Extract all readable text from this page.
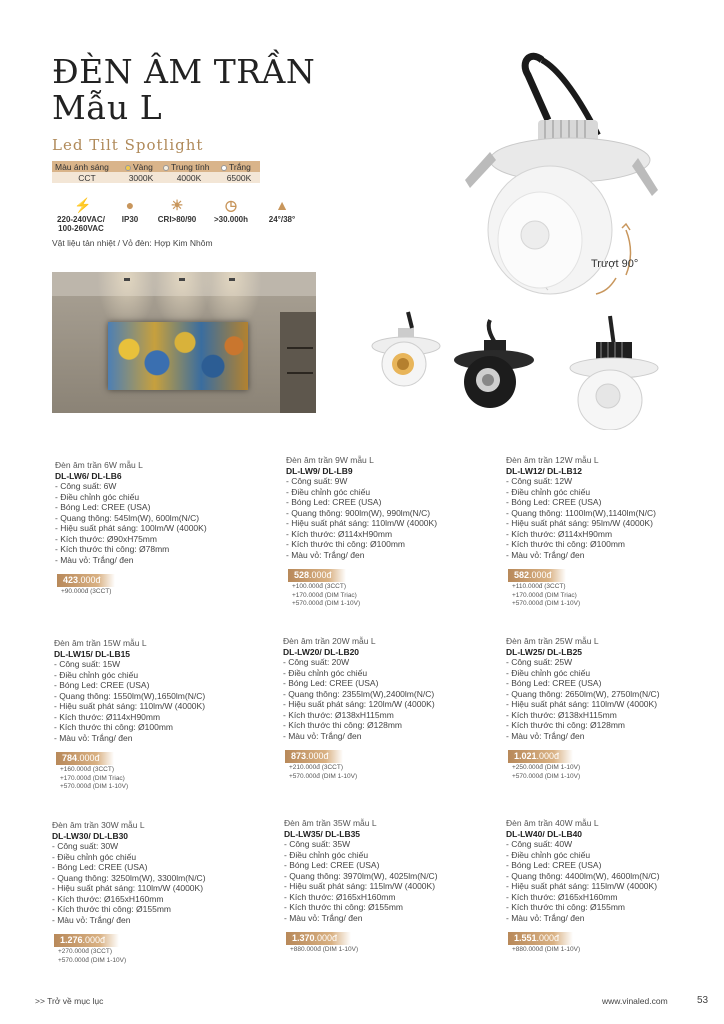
ĐÈN ÂM TRẦN
Mẫu L
Led Tilt Spotlight
Màu ánh sáng	Vàng	Trung tính	Trắng
CCT	3000K	4000K	6500K
⚡
220-240VAC/
100-260VAC
●
IP30
☀
CRI>80/90
◷
>30.000h
▲
24°/38°
Vật liệu tản nhiệt / Vỏ đèn: Hợp Kim Nhôm
Trượt 90°
Đèn âm trần 6W mẫu L
DL-LW6/ DL-LB6
- Công suất: 6W
- Điều chỉnh góc chiếu
- Bóng Led: CREE (USA)
- Quang thông: 545lm(W), 600lm(N/C)
- Hiệu suất phát sáng: 100lm/W (4000K)
- Kích thước: Ø90xH75mm
- Kích thước thi công: Ø78mm
- Màu vỏ: Trắng/ đen
423.000đ
+90.000đ (3CCT)
Đèn âm trần 9W mẫu L
DL-LW9/ DL-LB9
- Công suất: 9W
- Điều chỉnh góc chiếu
- Bóng Led: CREE (USA)
- Quang thông: 900lm(W), 990lm(N/C)
- Hiệu suất phát sáng: 110lm/W (4000K)
- Kích thước: Ø114xH90mm
- Kích thước thi công: Ø100mm
- Màu vỏ: Trắng/ đen
528.000đ
+100.000đ (3CCT)
+170.000đ (DIM Triac)
+570.000đ (DIM 1-10V)
Đèn âm trần 12W mẫu L
DL-LW12/ DL-LB12
- Công suất: 12W
- Điều chỉnh góc chiếu
- Bóng Led: CREE (USA)
- Quang thông: 1100lm(W),1140lm(N/C)
- Hiệu suất phát sáng: 95lm/W (4000K)
- Kích thước: Ø114xH90mm
- Kích thước thi công: Ø100mm
- Màu vỏ: Trắng/ đen
582.000đ
+110.000đ (3CCT)
+170.000đ (DIM Triac)
+570.000đ (DIM 1-10V)
Đèn âm trần 15W mẫu L
DL-LW15/ DL-LB15
- Công suất: 15W
- Điều chỉnh góc chiếu
- Bóng Led: CREE (USA)
- Quang thông: 1550lm(W),1650lm(N/C)
- Hiệu suất phát sáng: 110lm/W (4000K)
- Kích thước: Ø114xH90mm
- Kích thước thi công: Ø100mm
- Màu vỏ: Trắng/ đen
784.000đ
+160.000đ (3CCT)
+170.000đ (DIM Triac)
+570.000đ (DIM 1-10V)
Đèn âm trần 20W mẫu L
DL-LW20/ DL-LB20
- Công suất: 20W
- Điều chỉnh góc chiếu
- Bóng Led: CREE (USA)
- Quang thông: 2355lm(W),2400lm(N/C)
- Hiệu suất phát sáng: 120lm/W (4000K)
- Kích thước: Ø138xH115mm
- Kích thước thi công: Ø128mm
- Màu vỏ: Trắng/ đen
873.000đ
+210.000đ (3CCT)
+570.000đ (DIM 1-10V)
Đèn âm trần 25W mẫu L
DL-LW25/ DL-LB25
- Công suất: 25W
- Điều chỉnh góc chiếu
- Bóng Led: CREE (USA)
- Quang thông: 2650lm(W), 2750lm(N/C)
- Hiệu suất phát sáng: 110lm/W (4000K)
- Kích thước: Ø138xH115mm
- Kích thước thi công: Ø128mm
- Màu vỏ: Trắng/ đen
1.021.000đ
+250.000đ (DIM 1-10V)
+570.000đ (DIM 1-10V)
Đèn âm trần 30W mẫu L
DL-LW30/ DL-LB30
- Công suất: 30W
- Điều chỉnh góc chiếu
- Bóng Led: CREE (USA)
- Quang thông: 3250lm(W), 3300lm(N/C)
- Hiệu suất phát sáng: 110lm/W (4000K)
- Kích thước: Ø165xH160mm
- Kích thước thi công: Ø155mm
- Màu vỏ: Trắng/ đen
1.276.000đ
+270.000đ (3CCT)
+570.000đ (DIM 1-10V)
Đèn âm trần 35W mẫu L
DL-LW35/ DL-LB35
- Công suất: 35W
- Điều chỉnh góc chiếu
- Bóng Led: CREE (USA)
- Quang thông: 3970lm(W), 4025lm(N/C)
- Hiệu suất phát sáng: 115lm/W (4000K)
- Kích thước: Ø165xH160mm
- Kích thước thi công: Ø155mm
- Màu vỏ: Trắng/ đen
1.370.000đ
+880.000đ (DIM 1-10V)
Đèn âm trần 40W mẫu L
DL-LW40/ DL-LB40
- Công suất: 40W
- Điều chỉnh góc chiếu
- Bóng Led: CREE (USA)
- Quang thông: 4400lm(W), 4600lm(N/C)
- Hiệu suất phát sáng: 115lm/W (4000K)
- Kích thước: Ø165xH160mm
- Kích thước thi công: Ø155mm
- Màu vỏ: Trắng/ đen
1.551.000đ
+880.000đ (DIM 1-10V)
>> Trở về mục lục	www.vinaled.com	53
